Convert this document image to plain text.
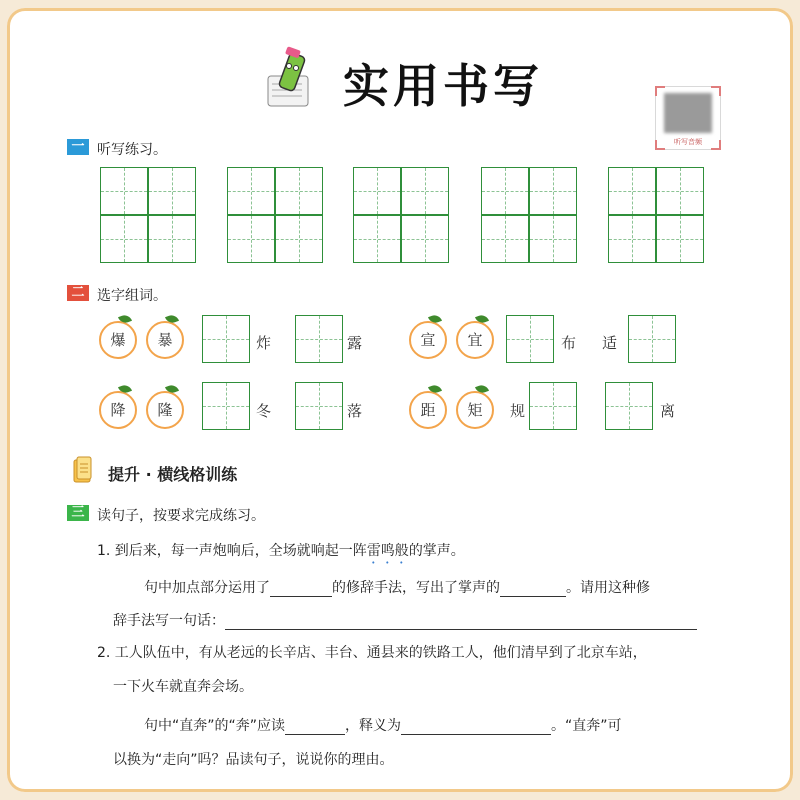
实用书写
听写音频
一 听写练习。
二 选字组词。
爆	暴	炸	露	宣	宜	布 适
降	隆	冬	落	距	矩	规	离
提升 · 横线格训练
三 读句子，按要求完成练习。
1. 到后来，每一声炮响后，全场就响起一阵雷鸣般的掌声。
句中加点部分运用了	的修辞手法，写出了掌声的	。请用这种修
辞手法写一句话：
2. 工人队伍中，有从老远的长辛店、丰台、通县来的铁路工人，他们清早到了北京车站，
一下火车就直奔会场。
句中“直奔”的“奔”应读	，释义为	。“直奔”可
以换为“走向”吗？品读句子，说说你的理由。
